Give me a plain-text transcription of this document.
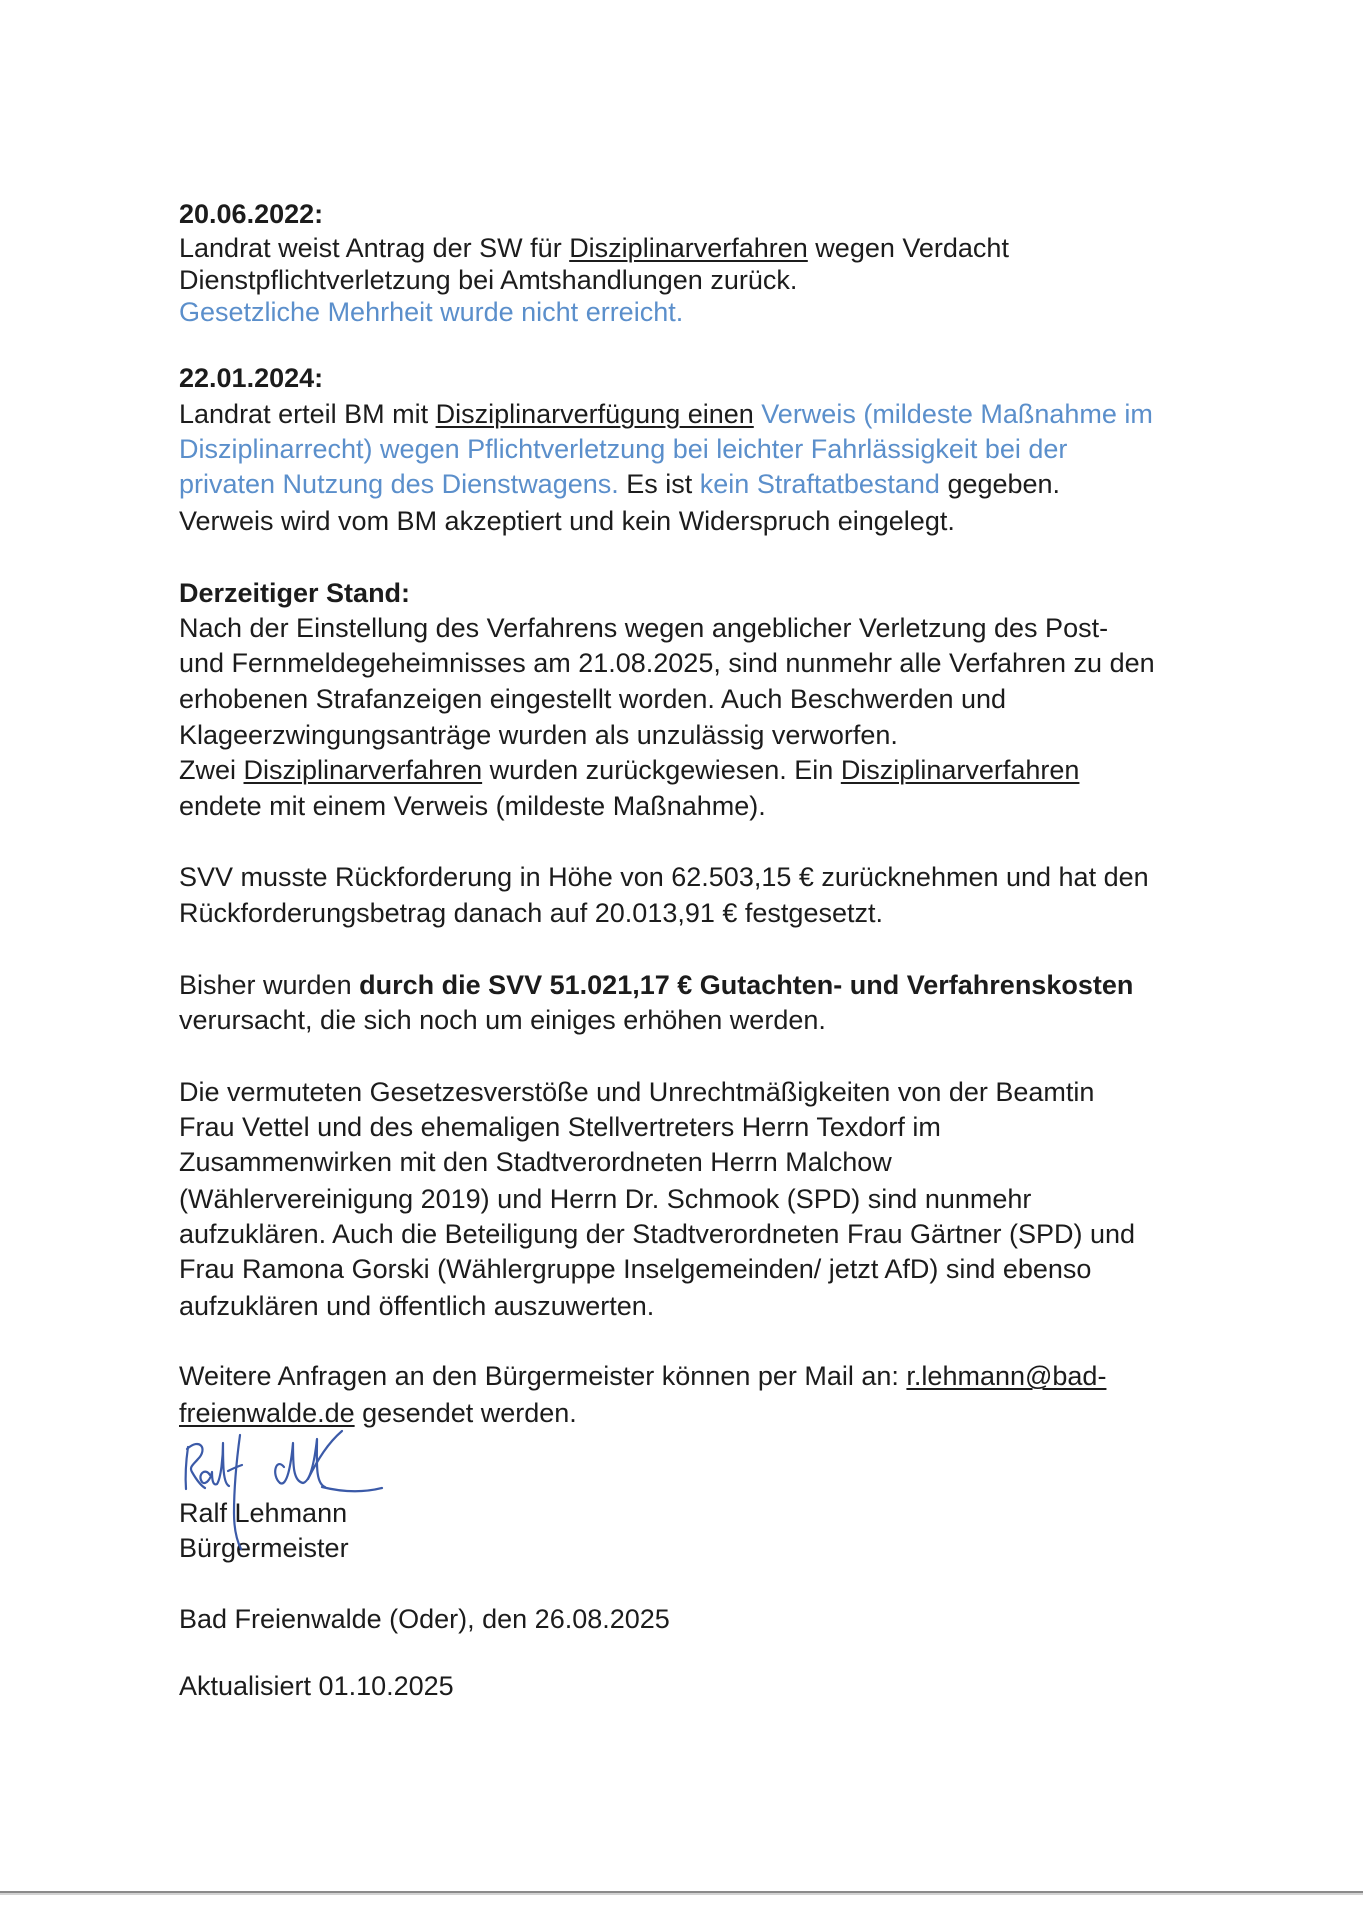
20.06.2022:
Landrat weist Antrag der SW für Disziplinarverfahren wegen Verdacht
Dienstpflichtverletzung bei Amtshandlungen zurück.
Gesetzliche Mehrheit wurde nicht erreicht.
22.01.2024:
Landrat erteil BM mit Disziplinarverfügung einen Verweis (mildeste Maßnahme im
Disziplinarrecht) wegen Pflichtverletzung bei leichter Fahrlässigkeit bei der
privaten Nutzung des Dienstwagens. Es ist kein Straftatbestand gegeben.
Verweis wird vom BM akzeptiert und kein Widerspruch eingelegt.
Derzeitiger Stand:
Nach der Einstellung des Verfahrens wegen angeblicher Verletzung des Post-
und Fernmeldegeheimnisses am 21.08.2025, sind nunmehr alle Verfahren zu den
erhobenen Strafanzeigen eingestellt worden. Auch Beschwerden und
Klageerzwingungsanträge wurden als unzulässig verworfen.
Zwei Disziplinarverfahren wurden zurückgewiesen. Ein Disziplinarverfahren
endete mit einem Verweis (mildeste Maßnahme).
SVV musste Rückforderung in Höhe von 62.503,15 € zurücknehmen und hat den
Rückforderungsbetrag danach auf 20.013,91 € festgesetzt.
Bisher wurden durch die SVV 51.021,17 € Gutachten- und Verfahrenskosten
verursacht, die sich noch um einiges erhöhen werden.
Die vermuteten Gesetzesverstöße und Unrechtmäßigkeiten von der Beamtin
Frau Vettel und des ehemaligen Stellvertreters Herrn Texdorf im
Zusammenwirken mit den Stadtverordneten Herrn Malchow
(Wählervereinigung 2019) und Herrn Dr. Schmook (SPD) sind nunmehr
aufzuklären. Auch die Beteiligung der Stadtverordneten Frau Gärtner (SPD) und
Frau Ramona Gorski (Wählergruppe Inselgemeinden/ jetzt AfD) sind ebenso
aufzuklären und öffentlich auszuwerten.
Weitere Anfragen an den Bürgermeister können per Mail an: r.lehmann@bad-
freienwalde.de gesendet werden.
Ralf Lehmann
Bürgermeister
Bad Freienwalde (Oder), den 26.08.2025
Aktualisiert 01.10.2025
